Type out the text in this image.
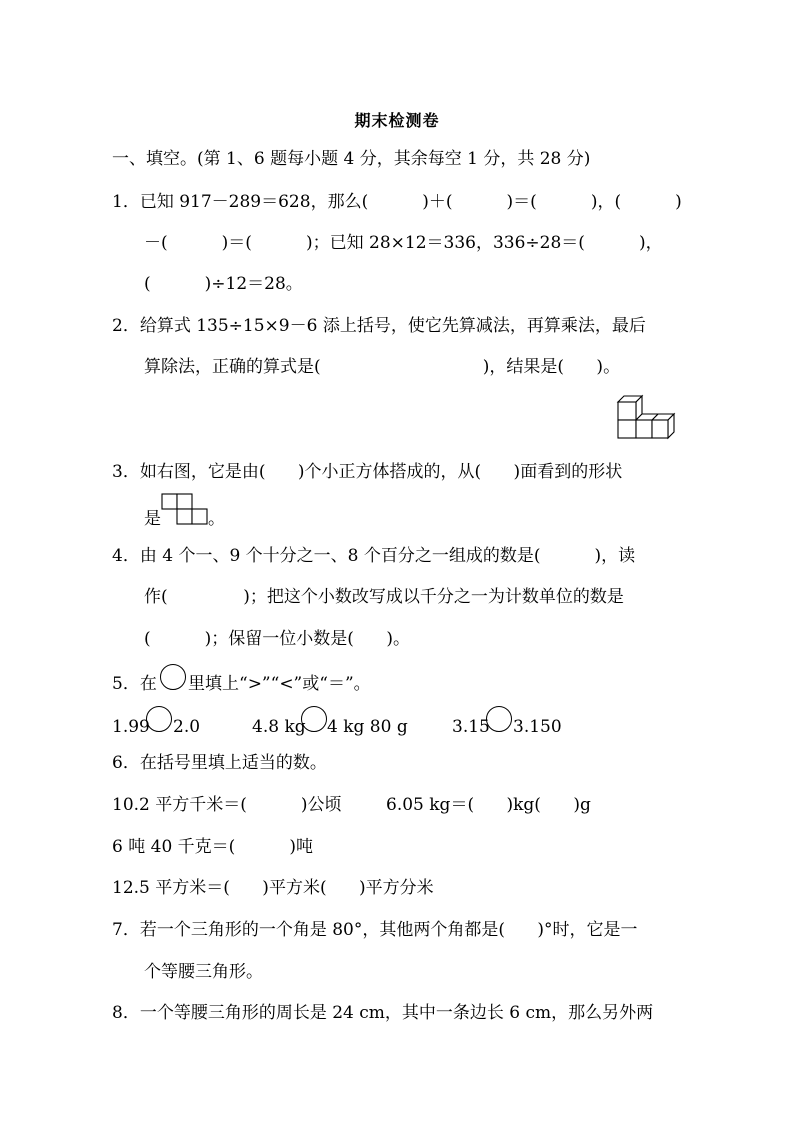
期末检测卷
一、填空。(第 1、6 题每小题 4 分，其余每空 1 分，共 28 分)
1．已知 917－289＝628，那么(          )＋(          )＝(          )，(          )
－(          )＝(          )；已知 28×12＝336，336÷28＝(          )，
(          )÷12＝28。
2．给算式 135÷15×9－6 添上括号，使它先算减法，再算乘法，最后
算除法，正确的算式是(                              )，结果是(      )。
3．如右图，它是由(      )个小正方体搭成的，从(      )面看到的形状
是	。
4．由 4 个一、9 个十分之一、8 个百分之一组成的数是(          )，读
作(              )；把这个小数改写成以千分之一为计数单位的数是
(          )；保留一位小数是(      )。
5．在 里填上“>”“<”或“＝”。
1.99 2.0	4.8 kg 4 kg 80 g	3.15 3.150
6．在括号里填上适当的数。
10.2 平方千米＝(          )公顷	6.05 kg＝(      )kg(      )g
6 吨 40 千克＝(          )吨
12.5 平方米＝(      )平方米(      )平方分米
7．若一个三角形的一个角是 80°，其他两个角都是(      )°时，它是一
个等腰三角形。
8．一个等腰三角形的周长是 24 cm，其中一条边长 6 cm，那么另外两
